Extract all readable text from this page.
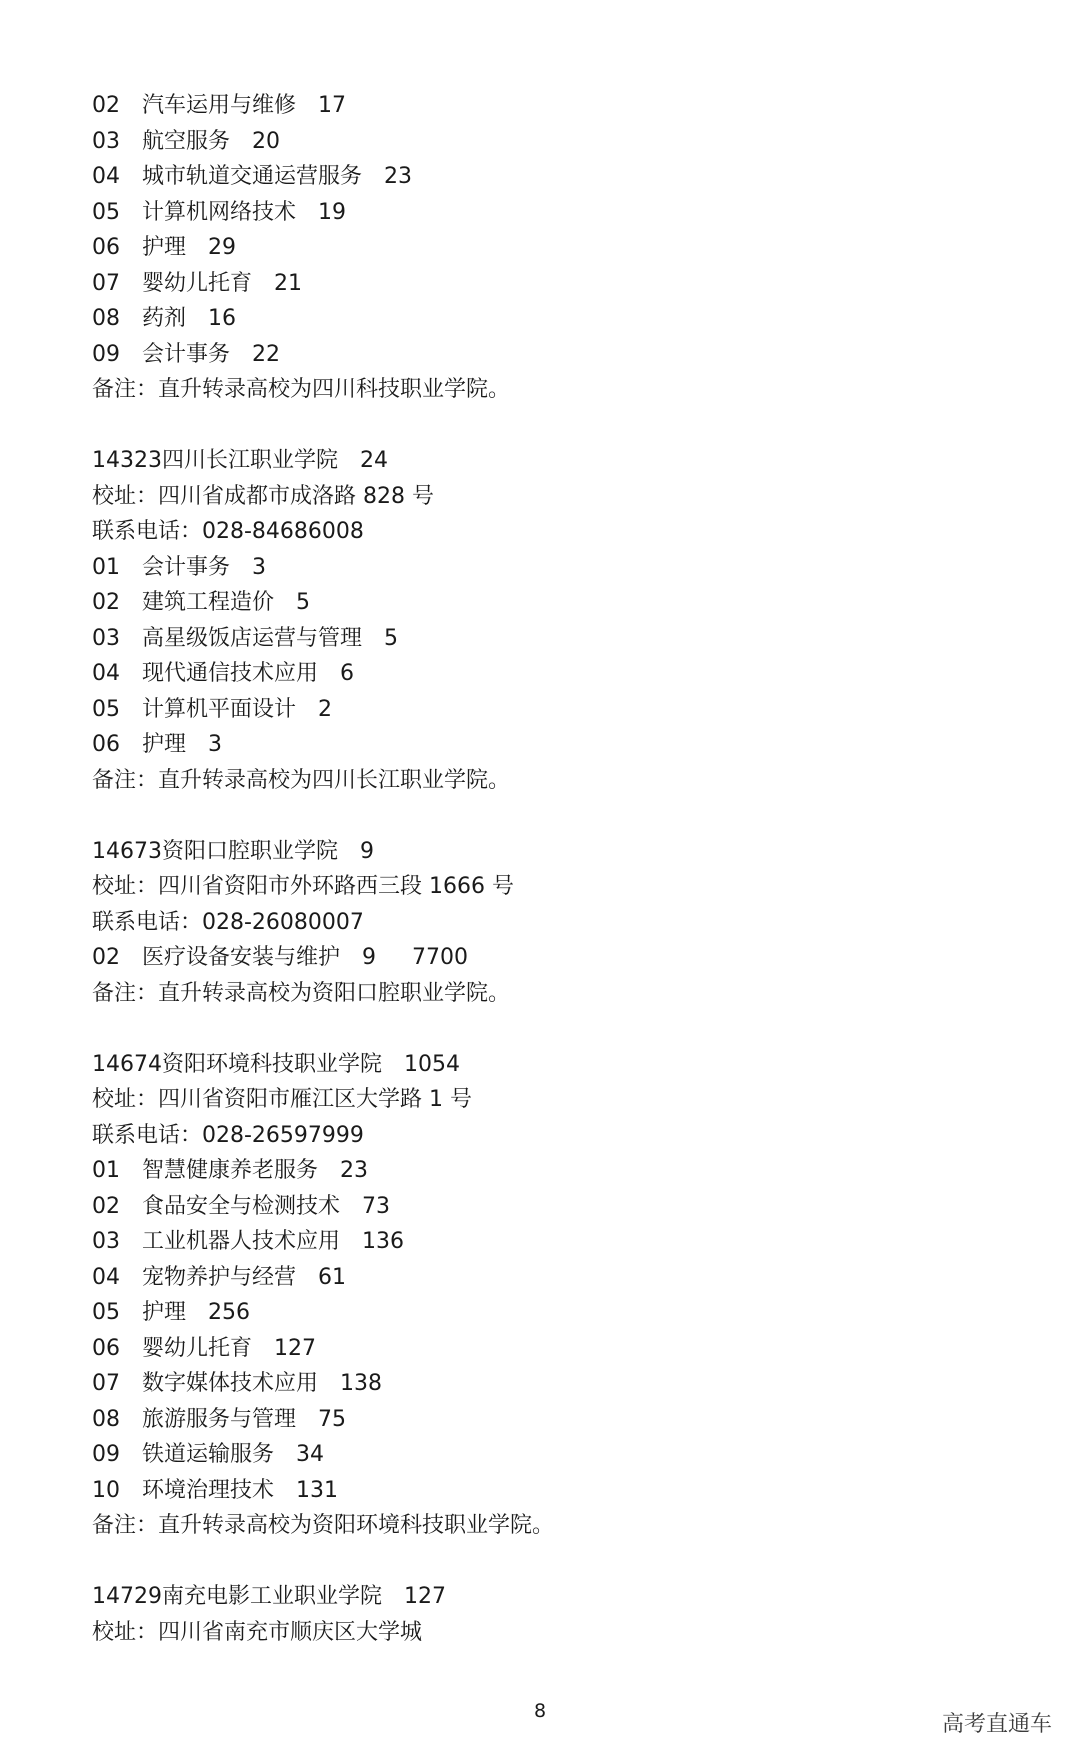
02 汽车运用与维修 17
03 航空服务 20
04 城市轨道交通运营服务 23
05 计算机网络技术 19
06 护理 29
07 婴幼儿托育 21
08 药剂 16
09 会计事务 22
备注：直升转录高校为四川科技职业学院。
14323四川长江职业学院 24
校址：四川省成都市成洛路 828 号
联系电话：028-84686008
01 会计事务 3
02 建筑工程造价 5
03 高星级饭店运营与管理 5
04 现代通信技术应用 6
05 计算机平面设计 2
06 护理 3
备注：直升转录高校为四川长江职业学院。
14673资阳口腔职业学院 9
校址：四川省资阳市外环路西三段 1666 号
联系电话：028-26080007
02 医疗设备安装与维护 9 7700
备注：直升转录高校为资阳口腔职业学院。
14674资阳环境科技职业学院 1054
校址：四川省资阳市雁江区大学路 1 号
联系电话：028-26597999
01 智慧健康养老服务 23
02 食品安全与检测技术 73
03 工业机器人技术应用 136
04 宠物养护与经营 61
05 护理 256
06 婴幼儿托育 127
07 数字媒体技术应用 138
08 旅游服务与管理 75
09 铁道运输服务 34
10 环境治理技术 131
备注：直升转录高校为资阳环境科技职业学院。
14729南充电影工业职业学院 127
校址：四川省南充市顺庆区大学城
8
高考直通车
